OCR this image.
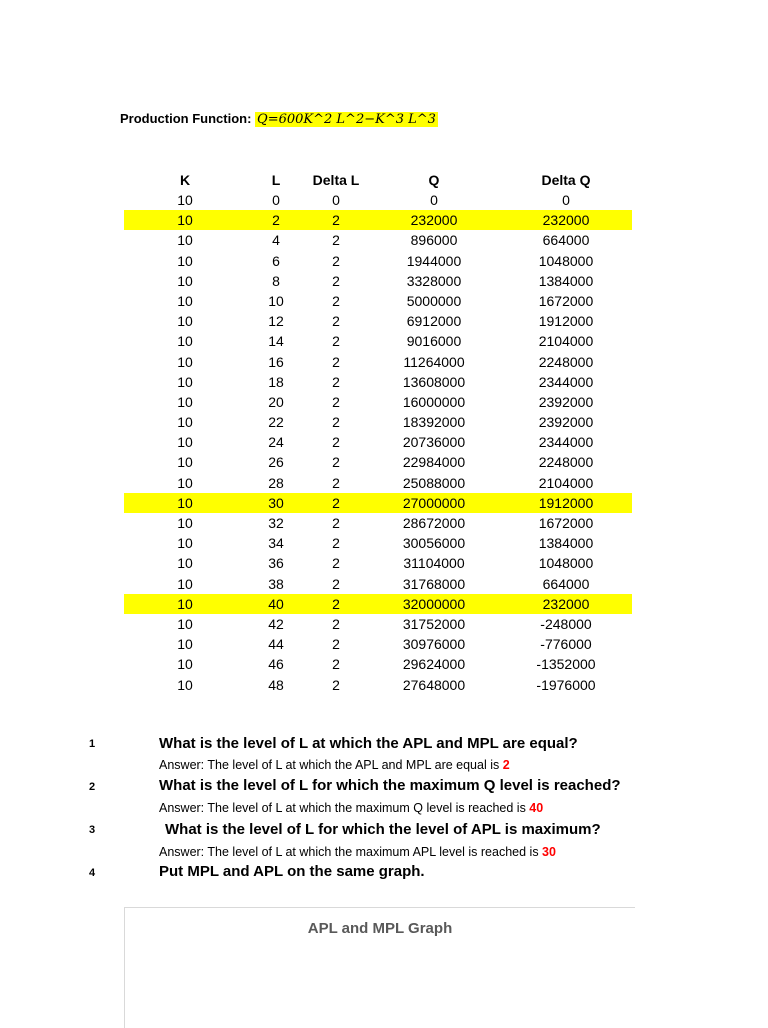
Production Function: Q=600K^2 L^2−K^3 L^3
K	L	Delta L	Q	Delta Q
10	0	0	0	0
10	2	2	232000	232000
10	4	2	896000	664000
10	6	2	1944000	1048000
10	8	2	3328000	1384000
10	10	2	5000000	1672000
10	12	2	6912000	1912000
10	14	2	9016000	2104000
10	16	2	11264000	2248000
10	18	2	13608000	2344000
10	20	2	16000000	2392000
10	22	2	18392000	2392000
10	24	2	20736000	2344000
10	26	2	22984000	2248000
10	28	2	25088000	2104000
10	30	2	27000000	1912000
10	32	2	28672000	1672000
10	34	2	30056000	1384000
10	36	2	31104000	1048000
10	38	2	31768000	664000
10	40	2	32000000	232000
10	42	2	31752000	-248000
10	44	2	30976000	-776000
10	46	2	29624000	-1352000
10	48	2	27648000	-1976000
1	What is the level of L at which the APL and MPL are equal?
Answer: The level of L at which the APL and MPL are equal is 2
2	What is the level of L for which the maximum Q level is reached?
Answer: The level of L at which the maximum Q level is reached is 40
3	What is the level of L for which the level of APL is maximum?
Answer: The level of L at which the maximum APL level is reached is 30
4	Put MPL and APL on the same graph.
APL and MPL Graph
